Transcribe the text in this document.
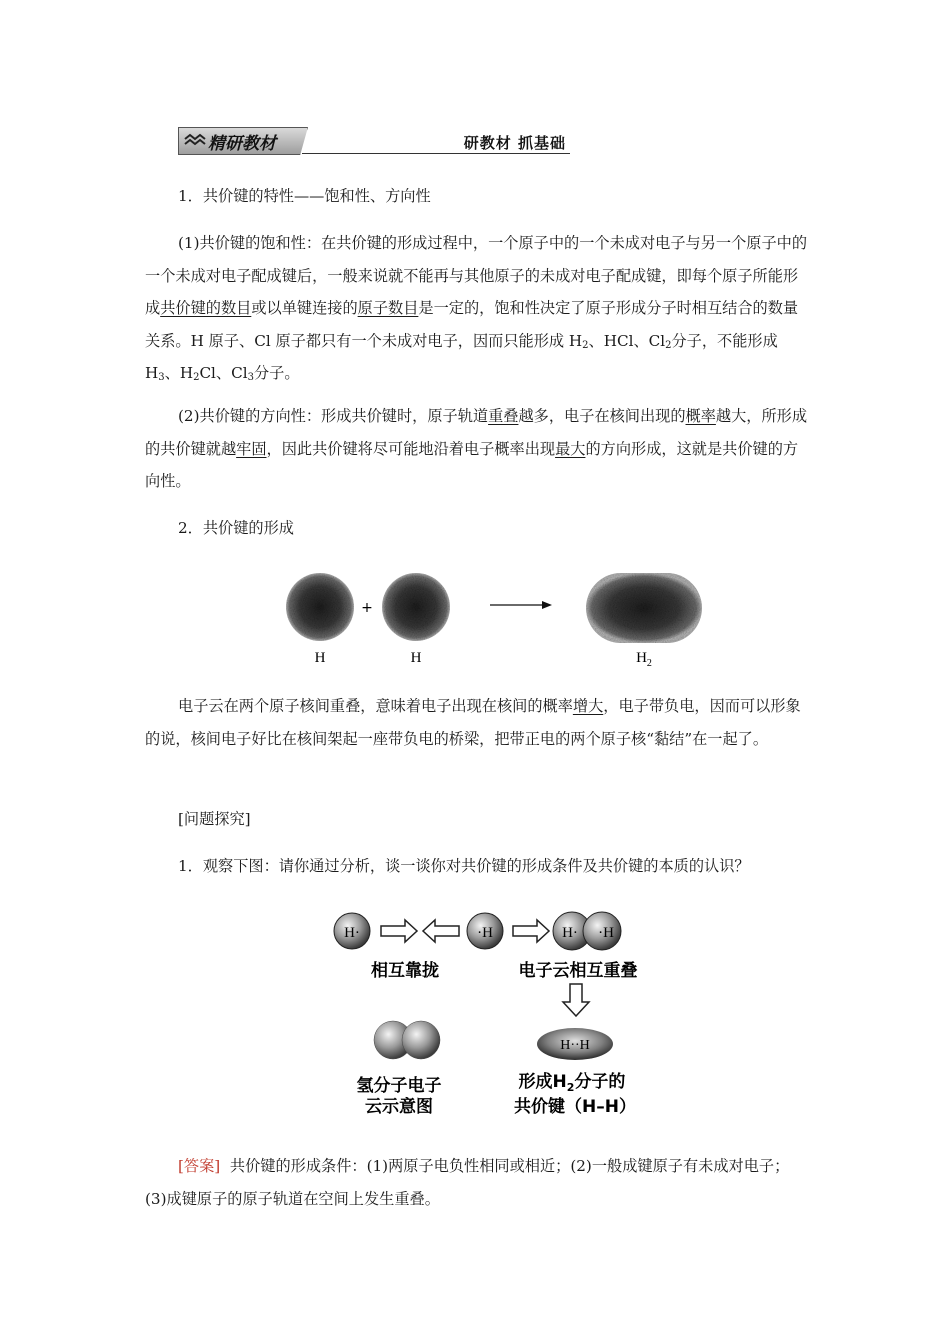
精研教材	研教材 抓基础

1．共价键的特性——饱和性、方向性

(1)共价键的饱和性：在共价键的形成过程中，一个原子中的一个未成对电子与另一个原子中的一个未成对电子配成键后，一般来说就不能再与其他原子的未成对电子配成键，即每个原子所能形成共价键的数目或以单键连接的原子数目是一定的，饱和性决定了原子形成分子时相互结合的数量关系。H 原子、Cl 原子都只有一个未成对电子，因而只能形成 $H_2$、HCl、$Cl_2$分子，不能形成 $H_3$、$H_2Cl$、$Cl_3$分子。

(2)共价键的方向性：形成共价键时，原子轨道重叠越多，电子在核间出现的概率越大，所形成的共价键就越牢固，因此共价键将尽可能地沿着电子概率出现最大的方向形成，这就是共价键的方向性。

2．共价键的形成

+
H	H	$H_2$

电子云在两个原子核间重叠，意味着电子出现在核间的概率增大，电子带负电，因而可以形象的说，核间电子好比在核间架起一座带负电的桥梁，把带正电的两个原子核“黏结”在一起了。

[问题探究]

1．观察下图：请你通过分析，谈一谈你对共价键的形成条件及共价键的本质的认识？

H·	·H	H· ·H
相互靠拢	电子云相互重叠
H··H
氢分子电子
云示意图
形成$H_2$分子的
共价键（H–H）

[答案] 共价键的形成条件：(1)两原子电负性相同或相近；(2)一般成键原子有未成对电子；(3)成键原子的原子轨道在空间上发生重叠。
